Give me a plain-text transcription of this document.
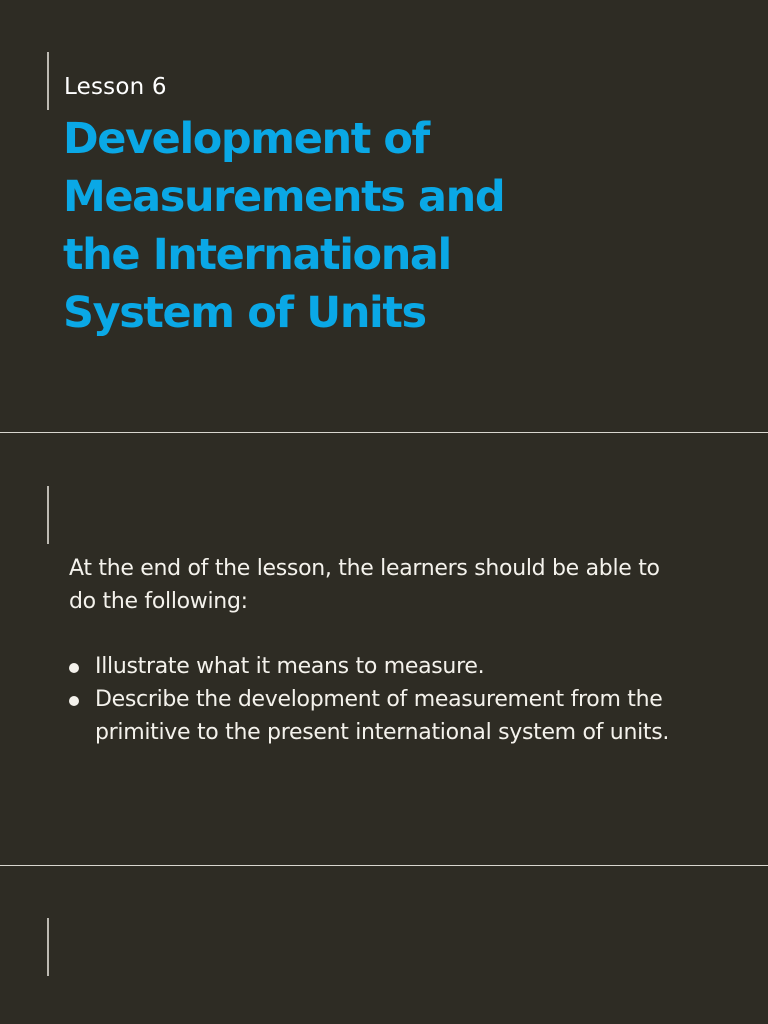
Lesson 6
Development of
Measurements and
the International
System of Units
At the end of the lesson, the learners should be able to do the following:
Illustrate what it means to measure.
Describe the development of measurement from the primitive to the present international system of units.
